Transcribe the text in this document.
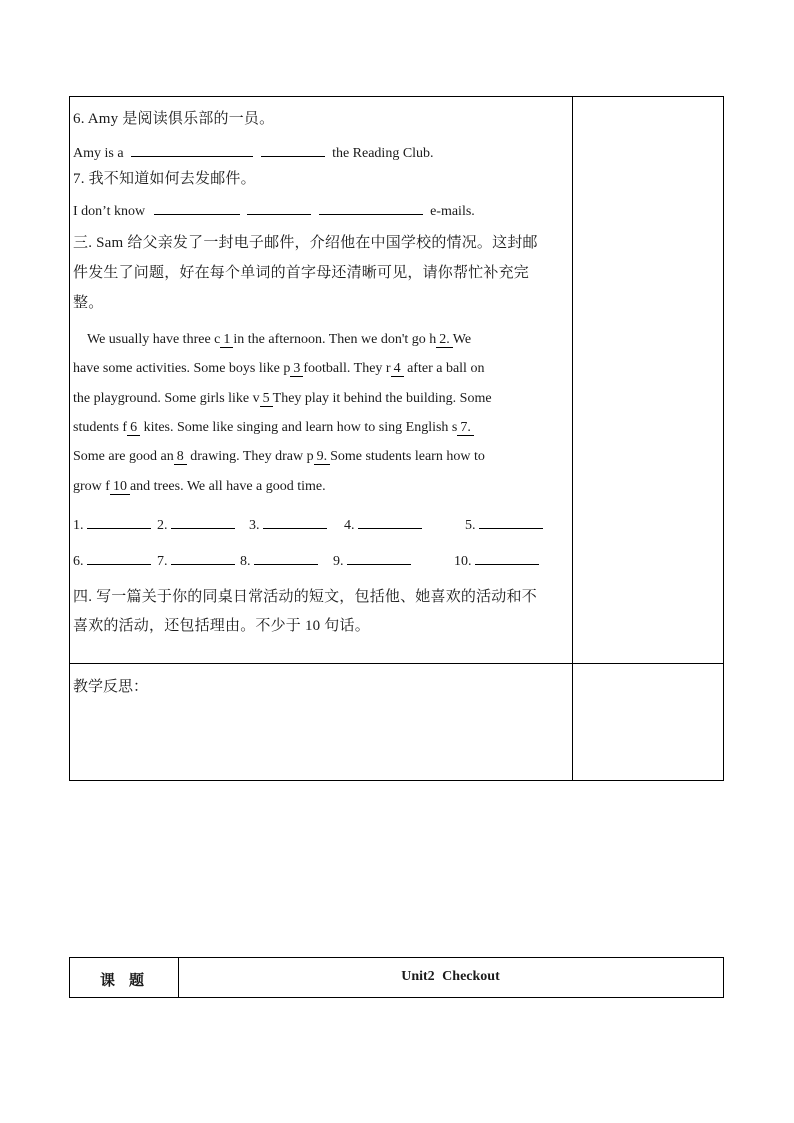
6. Amy 是阅读俱乐部的一员。
Amy is a	the Reading Club.
7. 我不知道如何去发邮件。
I don’t know	e-mails.
三. Sam 给父亲发了一封电子邮件，介绍他在中国学校的情况。这封邮
件发生了问题，好在每个单词的首字母还清晰可见，请你帮忙补充完
整。
We usually have three c 1 in the afternoon. Then we don't go h 2. We
have some activities. Some boys like p 3 football. They r 4 after a ball on
the playground. Some girls like v 5 They play it behind the building. Some
students f 6 kites. Some like singing and learn how to sing English s 7.
Some are good an 8 drawing. They draw p 9. Some students learn how to
grow f 10 and trees. We all have a good time.
1.	2.	3.	4.	5.
6.	7.	8.	9.	10.
四. 写一篇关于你的同桌日常活动的短文，包括他、她喜欢的活动和不
喜欢的活动，还包括理由。不少于 10 句话。
教学反思：
课题	Unit2 Checkout
